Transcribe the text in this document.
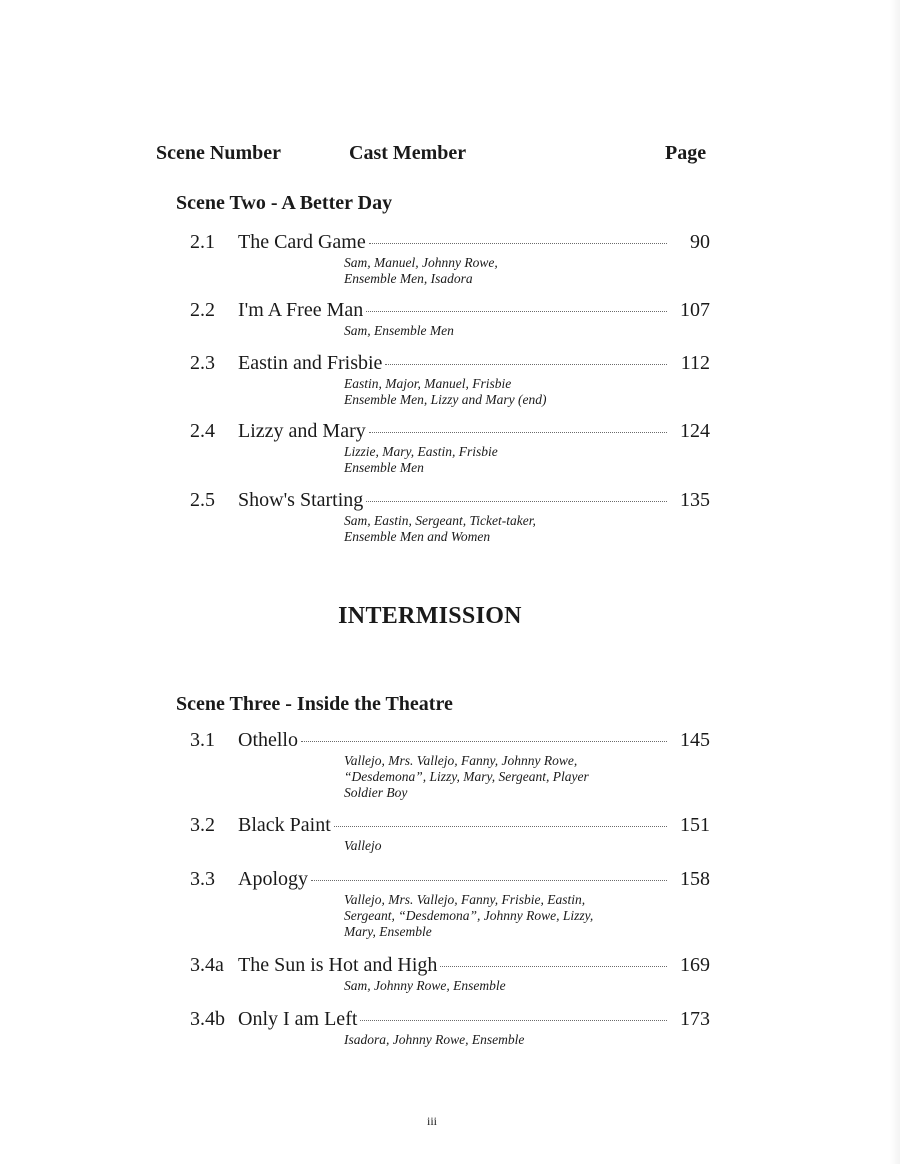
Scene Number	Cast Member	Page
Scene Two - A Better Day
2.1	The Card Game	90
Sam, Manuel, Johnny Rowe,
Ensemble Men, Isadora
2.2	I'm A Free Man	107
Sam, Ensemble Men
2.3	Eastin and Frisbie	112
Eastin, Major, Manuel, Frisbie
Ensemble Men, Lizzy and Mary (end)
2.4	Lizzy and Mary	124
Lizzie, Mary, Eastin, Frisbie
Ensemble Men
2.5	Show's Starting	135
Sam, Eastin, Sergeant, Ticket-taker,
Ensemble Men and Women
INTERMISSION
Scene Three - Inside the Theatre
3.1	Othello	145
Vallejo, Mrs. Vallejo, Fanny, Johnny Rowe,
“Desdemona”, Lizzy, Mary, Sergeant, Player
Soldier Boy
3.2	Black Paint	151
Vallejo
3.3	Apology	158
Vallejo, Mrs. Vallejo, Fanny, Frisbie, Eastin,
Sergeant, “Desdemona”, Johnny Rowe, Lizzy,
Mary, Ensemble
3.4a The Sun is Hot and High	169
Sam, Johnny Rowe, Ensemble
3.4b Only I am Left	173
Isadora, Johnny Rowe, Ensemble
iii
